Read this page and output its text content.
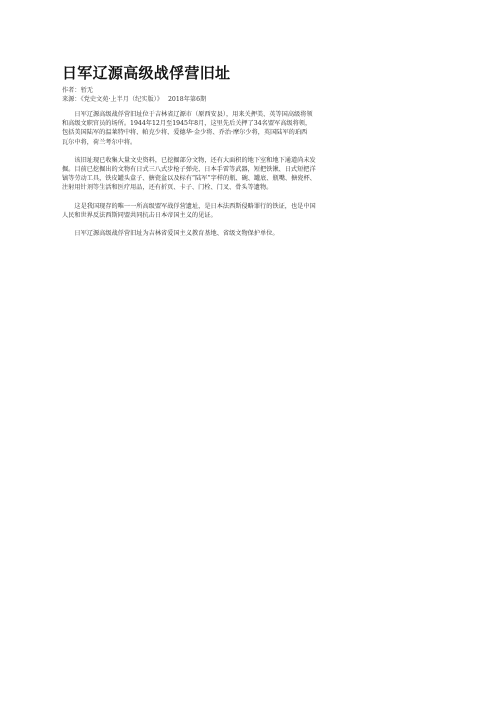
日军辽源高级战俘营旧址
作者：暂无
来源：《党史文苑·上半月（纪实版）》 2018年第6期

日军辽源高级战俘营旧址位于吉林省辽源市（原西安县），用来关押美、英等国高级将领
和高级文职官员的场所。1944年12月至1945年8月，这里先后关押了34名盟军高级将领，
包括美国陆军的温莱特中将、帕克少将、爱德华·金少将、乔治·摩尔少将，英国陆军的珀西
瓦尔中将，荷兰考尔中将。

该旧址现已收集大量文史资料，已挖掘部分文物，还有大面积的地下室和地下通道尚未发
掘。目前已挖掘出的文物有日式三八式步枪子弹壳、日本手雷等武器，短把铁锹、日式短把洋
镐等劳动工具，铁皮罐头盒子、搪瓷盆以及标有“陆军”字样的瓶、碗、罐底、瓶嘴、搪瓷杯、
注射用针剂等生活和医疗用品，还有折页、卡子、门栓、门叉、骨头等遗物。

这是我国现存的唯一一所高级盟军战俘营遗址，是日本法西斯侵略罪行的铁证，也是中国
人民和世界反法西斯同盟共同抗击日本帝国主义的见证。

日军辽源高级战俘营旧址为吉林省爱国主义教育基地、省级文物保护单位。
